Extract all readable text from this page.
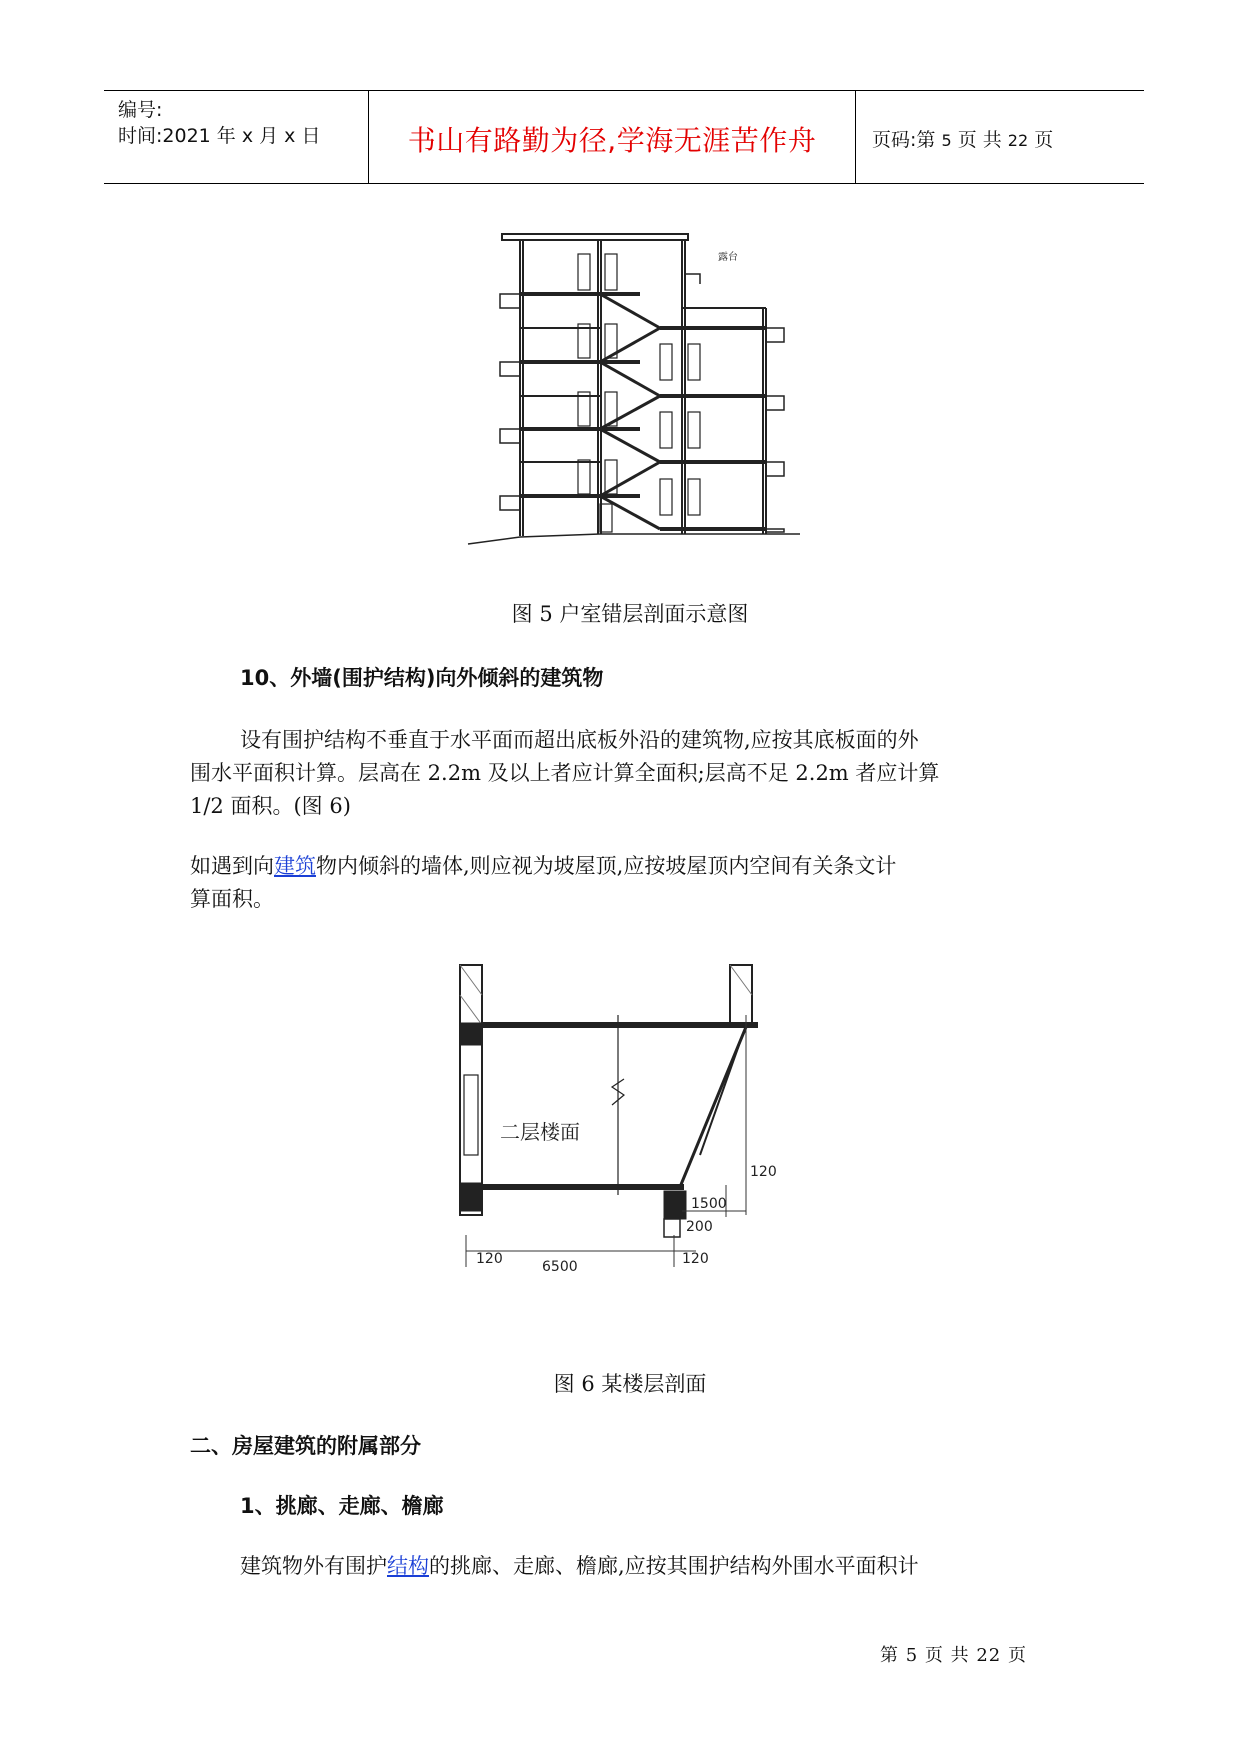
编号:
时间:2021 年 x 月 x 日	书山有路勤为径,学海无涯苦作舟	页码:第 5 页 共 22 页
露台
图 5 户室错层剖面示意图
10、外墙(围护结构)向外倾斜的建筑物
设有围护结构不垂直于水平面而超出底板外沿的建筑物,应按其底板面的外
围水平面积计算。层高在 2.2m 及以上者应计算全面积;层高不足 2.2m 者应计算
1/2 面积。(图 6)
如遇到向建筑物内倾斜的墙体,则应视为坡屋顶,应按坡屋顶内空间有关条文计
算面积。
二层楼面
120
1500
200
120	6500	120
图 6 某楼层剖面
二、房屋建筑的附属部分
1、挑廊、走廊、檐廊
建筑物外有围护结构的挑廊、走廊、檐廊,应按其围护结构外围水平面积计
第 5 页 共 22 页
